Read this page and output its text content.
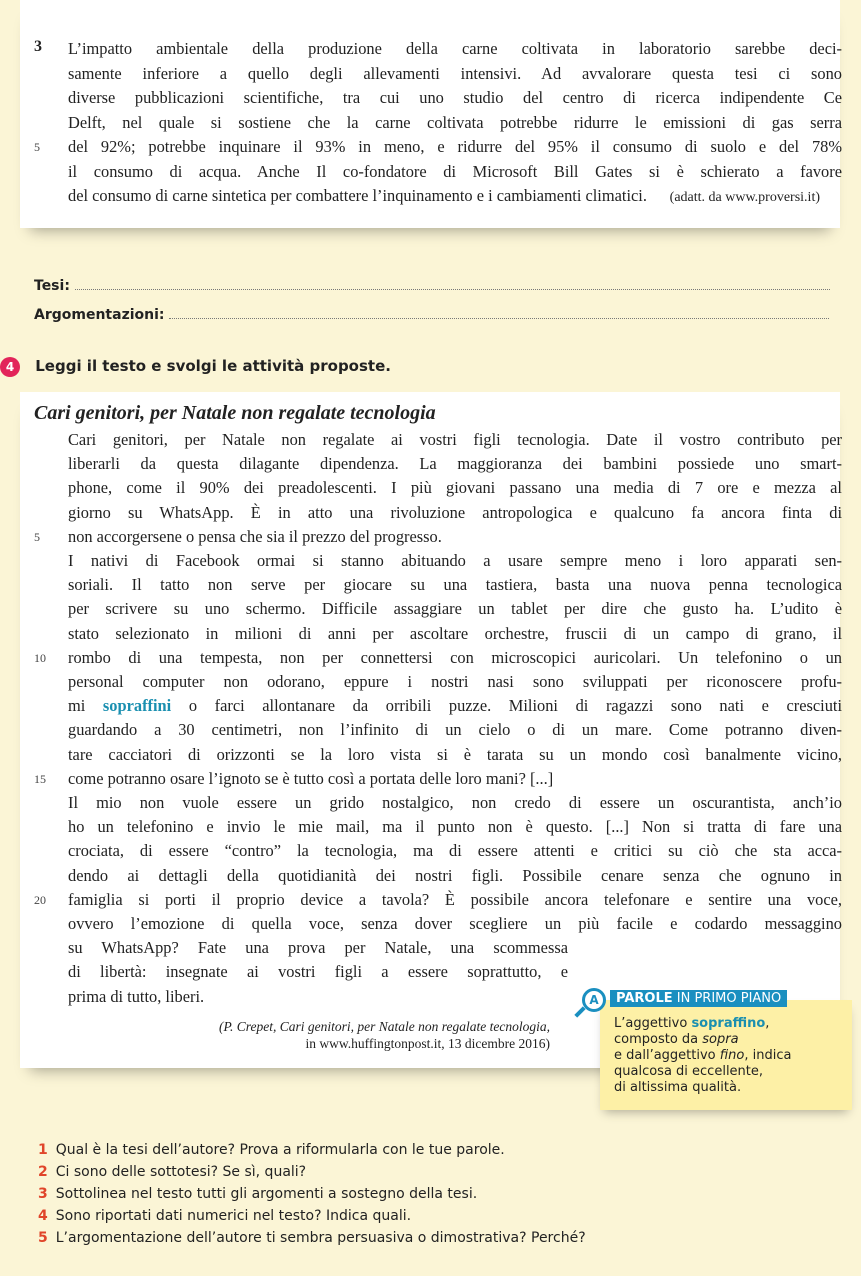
3 L’impatto ambientale della produzione della carne coltivata in laboratorio sarebbe deci-
samente inferiore a quello degli allevamenti intensivi. Ad avvalorare questa tesi ci sono
diverse pubblicazioni scientifiche, tra cui uno studio del centro di ricerca indipendente Ce
Delft, nel quale si sostiene che la carne coltivata potrebbe ridurre le emissioni di gas serra
5	del 92%; potrebbe inquinare il 93% in meno, e ridurre del 95% il consumo di suolo e del 78%
il consumo di acqua. Anche Il co-fondatore di Microsoft Bill Gates si è schierato a favore
del consumo di carne sintetica per combattere l’inquinamento e i cambiamenti climatici.	(adatt. da www.proversi.it)
Tesi:
Argomentazioni:
4 Leggi il testo e svolgi le attività proposte.
Cari genitori, per Natale non regalate tecnologia
Cari genitori, per Natale non regalate ai vostri figli tecnologia. Date il vostro contributo per
liberarli da questa dilagante dipendenza. La maggioranza dei bambini possiede uno smart-
phone, come il 90% dei preadolescenti. I più giovani passano una media di 7 ore e mezza al
giorno su WhatsApp. È in atto una rivoluzione antropologica e qualcuno fa ancora finta di
5	non accorgersene o pensa che sia il prezzo del progresso.
I nativi di Facebook ormai si stanno abituando a usare sempre meno i loro apparati sen-
soriali. Il tatto non serve per giocare su una tastiera, basta una nuova penna tecnologica
per scrivere su uno schermo. Difficile assaggiare un tablet per dire che gusto ha. L’udito è
stato selezionato in milioni di anni per ascoltare orchestre, fruscii di un campo di grano, il
10	rombo di una tempesta, non per connettersi con microscopici auricolari. Un telefonino o un
personal computer non odorano, eppure i nostri nasi sono sviluppati per riconoscere profu-
mi sopraffini o farci allontanare da orribili puzze. Milioni di ragazzi sono nati e cresciuti
guardando a 30 centimetri, non l’infinito di un cielo o di un mare. Come potranno diven-
tare cacciatori di orizzonti se la loro vista si è tarata su un mondo così banalmente vicino,
15	come potranno osare l’ignoto se è tutto così a portata delle loro mani? [...]
Il mio non vuole essere un grido nostalgico, non credo di essere un oscurantista, anch’io
ho un telefonino e invio le mie mail, ma il punto non è questo. [...] Non si tratta di fare una
crociata, di essere “contro” la tecnologia, ma di essere attenti e critici su ciò che sta acca-
dendo ai dettagli della quotidianità dei nostri figli. Possibile cenare senza che ognuno in
20	famiglia si porti il proprio device a tavola? È possibile ancora telefonare e sentire una voce,
ovvero l’emozione di quella voce, senza dover scegliere un più facile e codardo messaggino
su WhatsApp? Fate una prova per Natale, una scommessa
di libertà: insegnate ai vostri figli a essere soprattutto, e
prima di tutto, liberi.
(P. Crepet, Cari genitori, per Natale non regalate tecnologia,
in www.huffingtonpost.it, 13 dicembre 2016)
A	PAROLE IN PRIMO PIANO
L’aggettivo sopraffino,
composto da sopra
e dall’aggettivo fino, indica
qualcosa di eccellente,
di altissima qualità.
1 Qual è la tesi dell’autore? Prova a riformularla con le tue parole.
2 Ci sono delle sottotesi? Se sì, quali?
3 Sottolinea nel testo tutti gli argomenti a sostegno della tesi.
4 Sono riportati dati numerici nel testo? Indica quali.
5 L’argomentazione dell’autore ti sembra persuasiva o dimostrativa? Perché?
